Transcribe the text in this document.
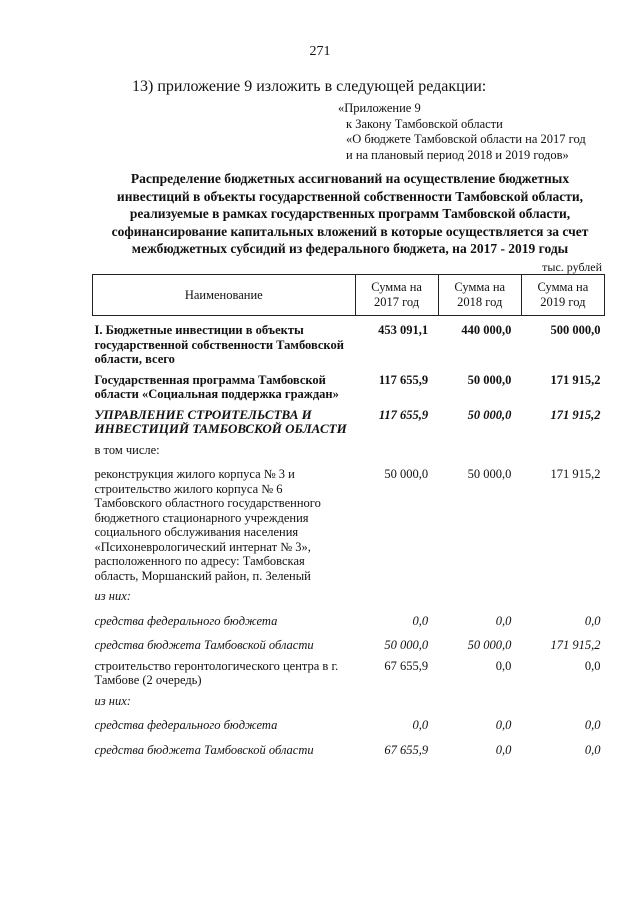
271
13) приложение 9 изложить в следующей редакции:
«Приложение 9
к Закону Тамбовской области
«О бюджете Тамбовской области на 2017 год
и на плановый период 2018 и 2019 годов»
Распределение бюджетных ассигнований на осуществление бюджетных
инвестиций в объекты государственной собственности Тамбовской области,
реализуемые в рамках государственных программ Тамбовской области,
софинансирование капитальных вложений в которые осуществляется за счет
межбюджетных субсидий из федерального бюджета, на 2017 - 2019 годы
тыс. рублей
Наименование	Сумма на 2017 год	Сумма на 2018 год	Сумма на 2019 год
I. Бюджетные инвестиции в объекты государственной собственности Тамбовской области, всего	453 091,1	440 000,0	500 000,0
Государственная программа Тамбовской области «Социальная поддержка граждан»	117 655,9	50 000,0	171 915,2
УПРАВЛЕНИЕ СТРОИТЕЛЬСТВА И ИНВЕСТИЦИЙ ТАМБОВСКОЙ ОБЛАСТИ	117 655,9	50 000,0	171 915,2
в том числе:			
реконструкция жилого корпуса № 3 и строительство жилого корпуса № 6 Тамбовского областного государственного бюджетного стационарного учреждения социального обслуживания населения «Психоневрологический интернат № 3», расположенного по адресу: Тамбовская область, Моршанский район, п. Зеленый	50 000,0	50 000,0	171 915,2
из них:			
средства федерального бюджета	0,0	0,0	0,0
средства бюджета Тамбовской области	50 000,0	50 000,0	171 915,2
строительство геронтологического центра в г. Тамбове (2 очередь)	67 655,9	0,0	0,0
из них:			
средства федерального бюджета	0,0	0,0	0,0
средства бюджета Тамбовской области	67 655,9	0,0	0,0
